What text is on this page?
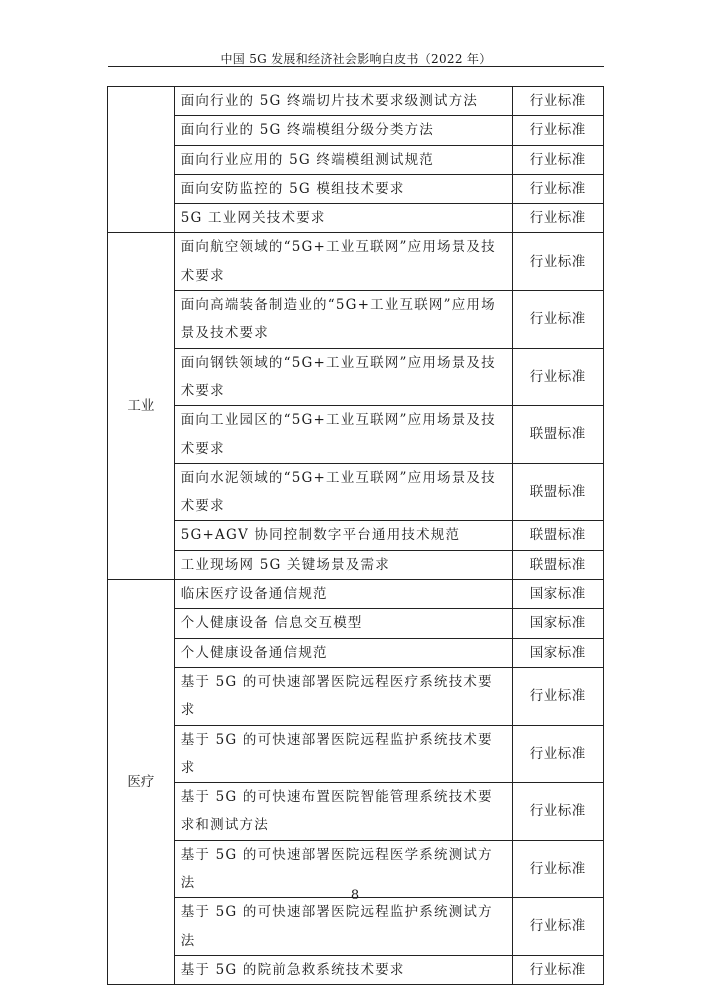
中国 5G 发展和经济社会影响白皮书（2022 年）
	面向行业的 5G 终端切片技术要求级测试方法	行业标准
	面向行业的 5G 终端模组分级分类方法	行业标准
	面向行业应用的 5G 终端模组测试规范	行业标准
	面向安防监控的 5G 模组技术要求	行业标准
	5G 工业网关技术要求	行业标准
工业	面向航空领域的“5G+工业互联网”应用场景及技术要求	行业标准
	面向高端装备制造业的“5G+工业互联网”应用场景及技术要求	行业标准
	面向钢铁领域的“5G+工业互联网”应用场景及技术要求	行业标准
	面向工业园区的“5G+工业互联网”应用场景及技术要求	联盟标准
	面向水泥领域的“5G+工业互联网”应用场景及技术要求	联盟标准
	5G+AGV 协同控制数字平台通用技术规范	联盟标准
	工业现场网 5G 关键场景及需求	联盟标准
医疗	临床医疗设备通信规范	国家标准
	个人健康设备 信息交互模型	国家标准
	个人健康设备通信规范	国家标准
	基于 5G 的可快速部署医院远程医疗系统技术要求	行业标准
	基于 5G 的可快速部署医院远程监护系统技术要求	行业标准
	基于 5G 的可快速布置医院智能管理系统技术要求和测试方法	行业标准
	基于 5G 的可快速部署医院远程医学系统测试方法	行业标准
	基于 5G 的可快速部署医院远程监护系统测试方法	行业标准
	基于 5G 的院前急救系统技术要求	行业标准
8
